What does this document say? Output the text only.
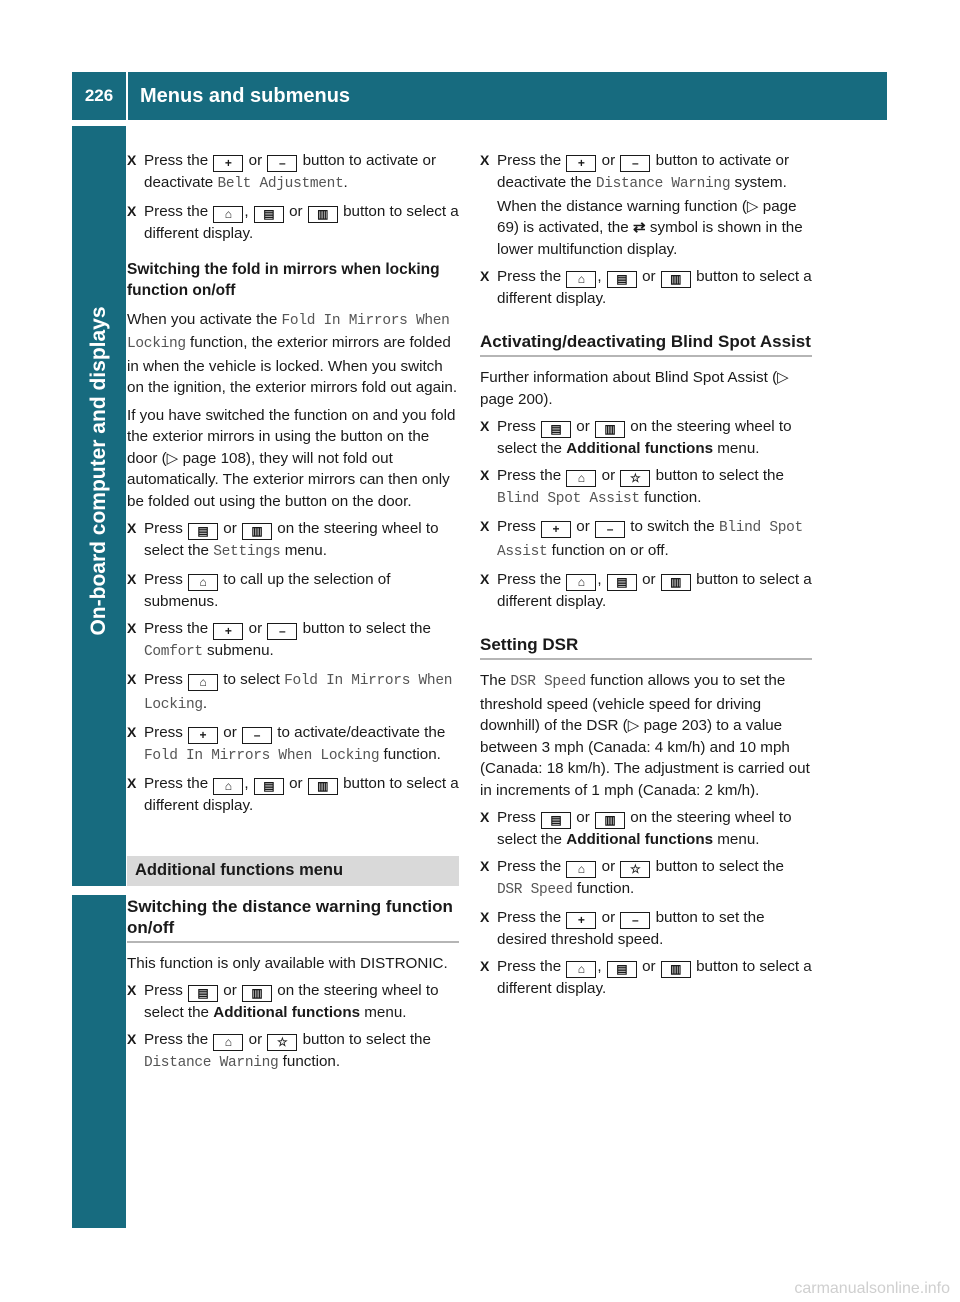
226	Menus and submenus
On-board computer and displays
X Press the + or – button to activate or deactivate Belt Adjustment.
X Press the ⌂ , ▤ or ▥ button to select a different display.
Switching the fold in mirrors when locking function on/off
When you activate the Fold In Mirrors When Locking function, the exterior mirrors are folded in when the vehicle is locked. When you switch on the ignition, the exterior mirrors fold out again.
If you have switched the function on and you fold the exterior mirrors in using the button on the door (▷ page 108), they will not fold out automatically. The exterior mirrors can then only be folded out using the button on the door.
X Press ▤ or ▥ on the steering wheel to select the Settings menu.
X Press ⌂ to call up the selection of submenus.
X Press the + or – button to select the Comfort submenu.
X Press ⌂ to select Fold In Mirrors When Locking.
X Press + or – to activate/deactivate the Fold In Mirrors When Locking function.
X Press the ⌂ , ▤ or ▥ button to select a different display.
Additional functions menu
Switching the distance warning function on/off
This function is only available with DISTRONIC.
X Press ▤ or ▥ on the steering wheel to select the Additional functions menu.
X Press the ⌂ or ☆ button to select the Distance Warning function.
X Press the + or – button to activate or deactivate the Distance Warning system.
When the distance warning function (▷ page 69) is activated, the ⇄ symbol is shown in the lower multifunction display.
X Press the ⌂ , ▤ or ▥ button to select a different display.
Activating/deactivating Blind Spot Assist
Further information about Blind Spot Assist (▷ page 200).
X Press ▤ or ▥ on the steering wheel to select the Additional functions menu.
X Press the ⌂ or ☆ button to select the Blind Spot Assist function.
X Press + or – to switch the Blind Spot Assist function on or off.
X Press the ⌂ , ▤ or ▥ button to select a different display.
Setting DSR
The DSR Speed function allows you to set the threshold speed (vehicle speed for driving downhill) of the DSR (▷ page 203) to a value between 3 mph (Canada: 4 km/h) and 10 mph (Canada: 18 km/h). The adjustment is carried out in increments of 1 mph (Canada: 2 km/h).
X Press ▤ or ▥ on the steering wheel to select the Additional functions menu.
X Press the ⌂ or ☆ button to select the DSR Speed function.
X Press the + or – button to set the desired threshold speed.
X Press the ⌂ , ▤ or ▥ button to select a different display.
carmanualsonline.info
